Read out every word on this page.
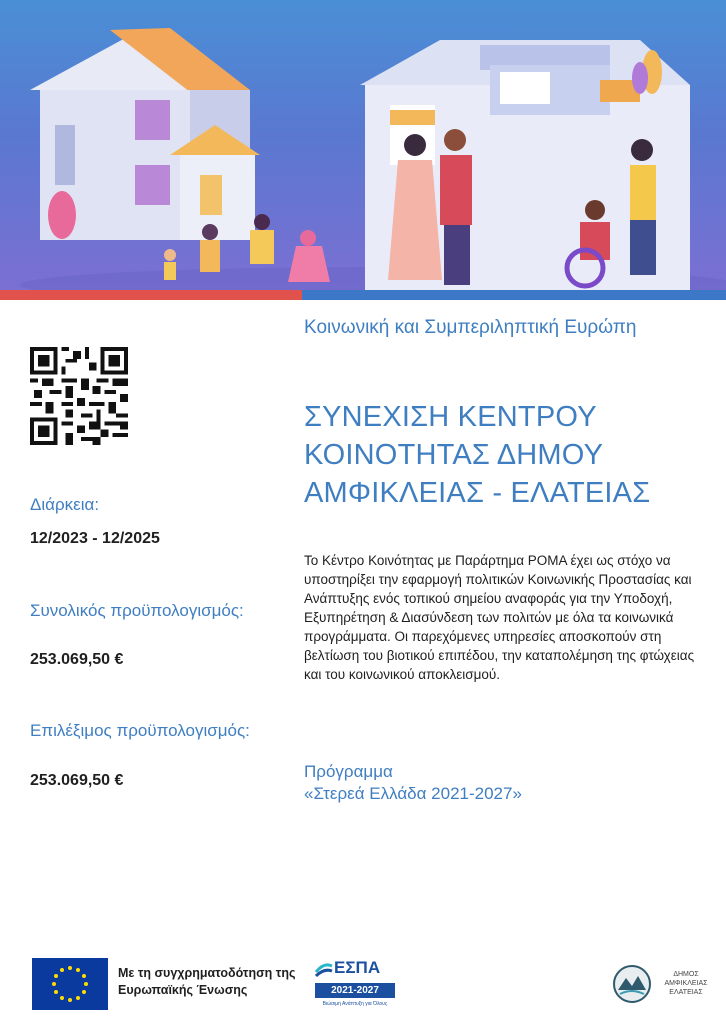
Διάρκεια:
12/2023 - 12/2025
Συνολικός προϋπολογισμός:
253.069,50 €
Επιλέξιμος προϋπολογισμός:
253.069,50 €
Κοινωνική και Συμπεριληπτική Ευρώπη
ΣΥΝΕΧΙΣΗ ΚΕΝΤΡΟΥ ΚΟΙΝΟΤΗΤΑΣ ΔΗΜΟΥ ΑΜΦΙΚΛΕΙΑΣ - ΕΛΑΤΕΙΑΣ
Το Κέντρο Κοινότητας με Παράρτημα ΡΟΜΑ έχει ως στόχο να υποστηρίξει την εφαρμογή πολιτικών Κοινωνικής Προστασίας και Ανάπτυξης ενός τοπικού σημείου αναφοράς για την Υποδοχή, Εξυπηρέτηση & Διασύνδεση των πολιτών με όλα τα κοινωνικά προγράμματα. Οι παρεχόμενες υπηρεσίες αποσκοπούν στη βελτίωση του βιοτικού επιπέδου, την καταπολέμηση της φτώχειας και του κοινωνικού αποκλεισμού.
Πρόγραμμα
«Στερεά Ελλάδα 2021-2027»
Με τη συγχρηματοδότηση της Ευρωπαϊκής Ένωσης
ΕΣΠΑ
2021-2027
Βιώσιμη Ανάπτυξη για Όλους
ΔΗΜΟΣ ΑΜΦΙΚΛΕΙΑΣ ΕΛΑΤΕΙΑΣ
